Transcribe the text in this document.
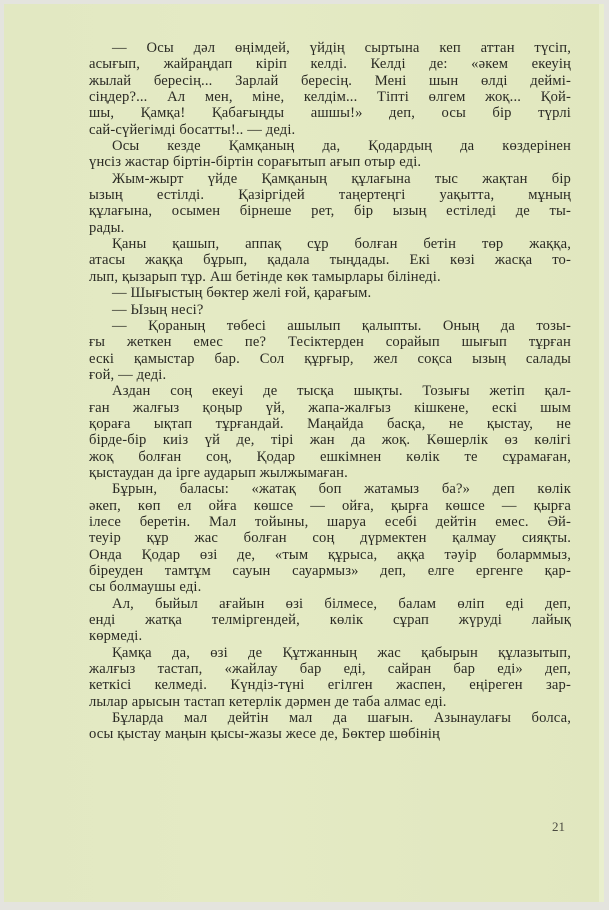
— Осы дәл өңімдей, үйдің сыртына кеп аттан түсіп,
асығып, жайраңдап кіріп келді. Келді де: «әкем екеуің
жылай бересің... Зарлай бересің. Мені шын өлді деймі-
сіңдер?... Ал мен, міне, келдім... Тіпті өлгем жоқ... Қой-
шы, Қамқа! Қабағыңды ашшы!» деп, осы бір түрлі
сай-сүйегімді босатты!.. — деді.
Осы кезде Қамқаның да, Қодардың да көздерінен
үнсіз жастар біртін-біртін сорағытып ағып отыр еді.
Жым-жырт үйде Қамқаның құлағына тыс жақтан бір
ызың естілді. Қазіргідей таңертеңгі уақытта, мұның
құлағына, осымен бірнеше рет, бір ызың естіледі де ты-
рады.
Қаны қашып, аппақ сұр болған бетін төр жаққа,
атасы жаққа бұрып, қадала тыңдады. Екі көзі жасқа то-
лып, қызарып тұр. Аш бетінде көк тамырлары білінеді.
— Шығыстың бөктер желі ғой, қарағым.
— Ызың несі?
— Қораның төбесі ашылып қалыпты. Оның да тозы-
ғы жеткен емес пе? Тесіктерден сорайып шығып тұрған
ескі қамыстар бар. Сол құрғыр, жел соқса ызың салады
ғой, — деді.
Аздан соң екеуі де тысқа шықты. Тозығы жетіп қал-
ған жалғыз қоңыр үй, жапа-жалғыз кішкене, ескі шым
қораға ықтап тұрғандай. Маңайда басқа, не қыстау, не
бірде-бір киіз үй де, тірі жан да жоқ. Көшерлік өз көлігі
жоқ болған соң, Қодар ешкімнен көлік те сұрамаған,
қыстаудан да ірге аударып жылжымаған.
Бұрын, баласы: «жатақ боп жатамыз ба?» деп көлік
әкеп, көп ел ойға көшсе — ойға, қырға көшсе — қырға
ілесе беретін. Мал тойыны, шаруа есебі дейтін емес. Әй-
теуір құр жас болған соң дүрмектен қалмау сияқты.
Онда Қодар өзі де, «тым құрыса, аққа тәуір боларммыз,
біреуден тамтұм сауын сауармыз» деп, елге ергенге қар-
сы болмаушы еді.
Ал, быйыл ағайын өзі білмесе, балам өліп еді деп,
енді жатқа телміргендей, көлік сұрап жүруді лайық
көрмеді.
Қамқа да, өзі де Құтжанның жас қабырын құлазытып,
жалғыз тастап, «жайлау бар еді, сайран бар еді» деп,
кеткісі келмеді. Күндіз-түні егілген жаспен, еңіреген зар-
лылар арысын тастап кетерлік дәрмен де таба алмас еді.
Бұларда мал дейтін мал да шағын. Азынаулағы болса,
осы қыстау маңын қысы-жазы жесе де, Бөктер шөбінің
21
